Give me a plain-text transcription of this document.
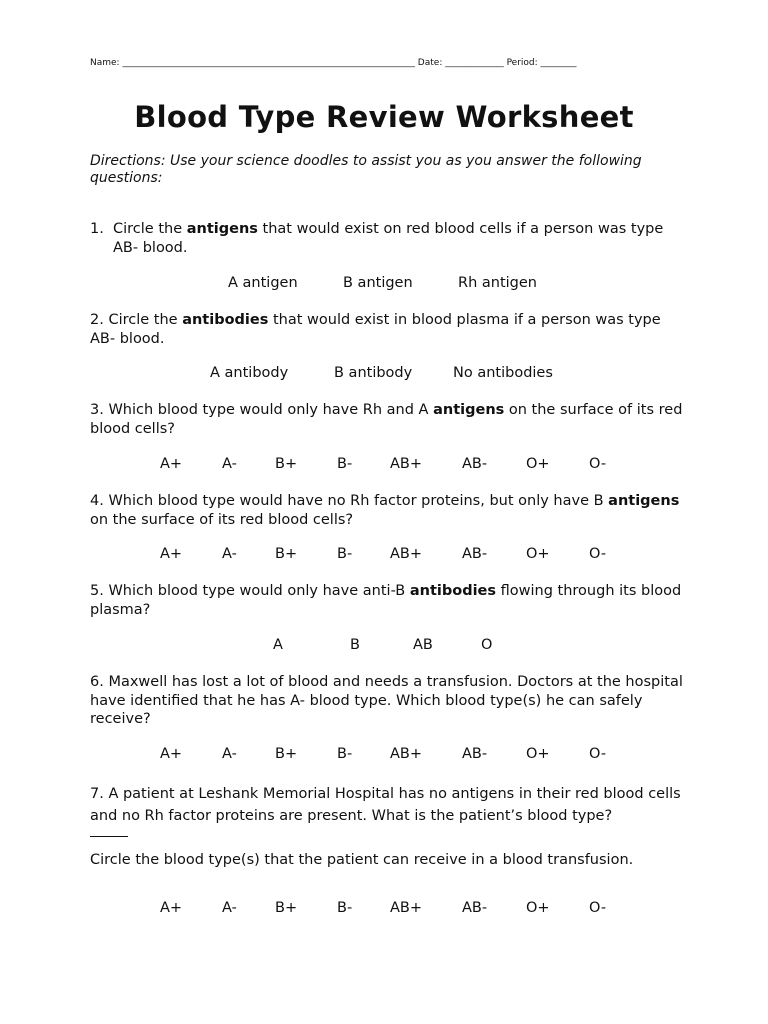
Name: _________________________________________________________________ Date: _____________ Period: ________
Blood Type Review Worksheet
Directions: Use your science doodles to assist you as you answer the following questions:
1. Circle the antigens that would exist on red blood cells if a person was type AB- blood.
A antigen	B antigen	Rh antigen
2. Circle the antibodies that would exist in blood plasma if a person was type AB- blood.
A antibody	B antibody	No antibodies
3. Which blood type would only have Rh and A antigens on the surface of its red blood cells?
A+	A-	B+	B-	AB+	AB-	O+	O-
4. Which blood type would have no Rh factor proteins, but only have B antigens on the surface of its red blood cells?
A+	A-	B+	B-	AB+	AB-	O+	O-
5. Which blood type would only have anti-B antibodies flowing through its blood plasma?
A	B	AB	O
6. Maxwell has lost a lot of blood and needs a transfusion. Doctors at the hospital have identified that he has A- blood type. Which blood type(s) he can safely receive?
A+	A-	B+	B-	AB+	AB-	O+	O-
7. A patient at Leshank Memorial Hospital has no antigens in their red blood cells and no Rh factor proteins are present. What is the patient’s blood type?
Circle the blood type(s) that the patient can receive in a blood transfusion.
A+	A-	B+	B-	AB+	AB-	O+	O-
